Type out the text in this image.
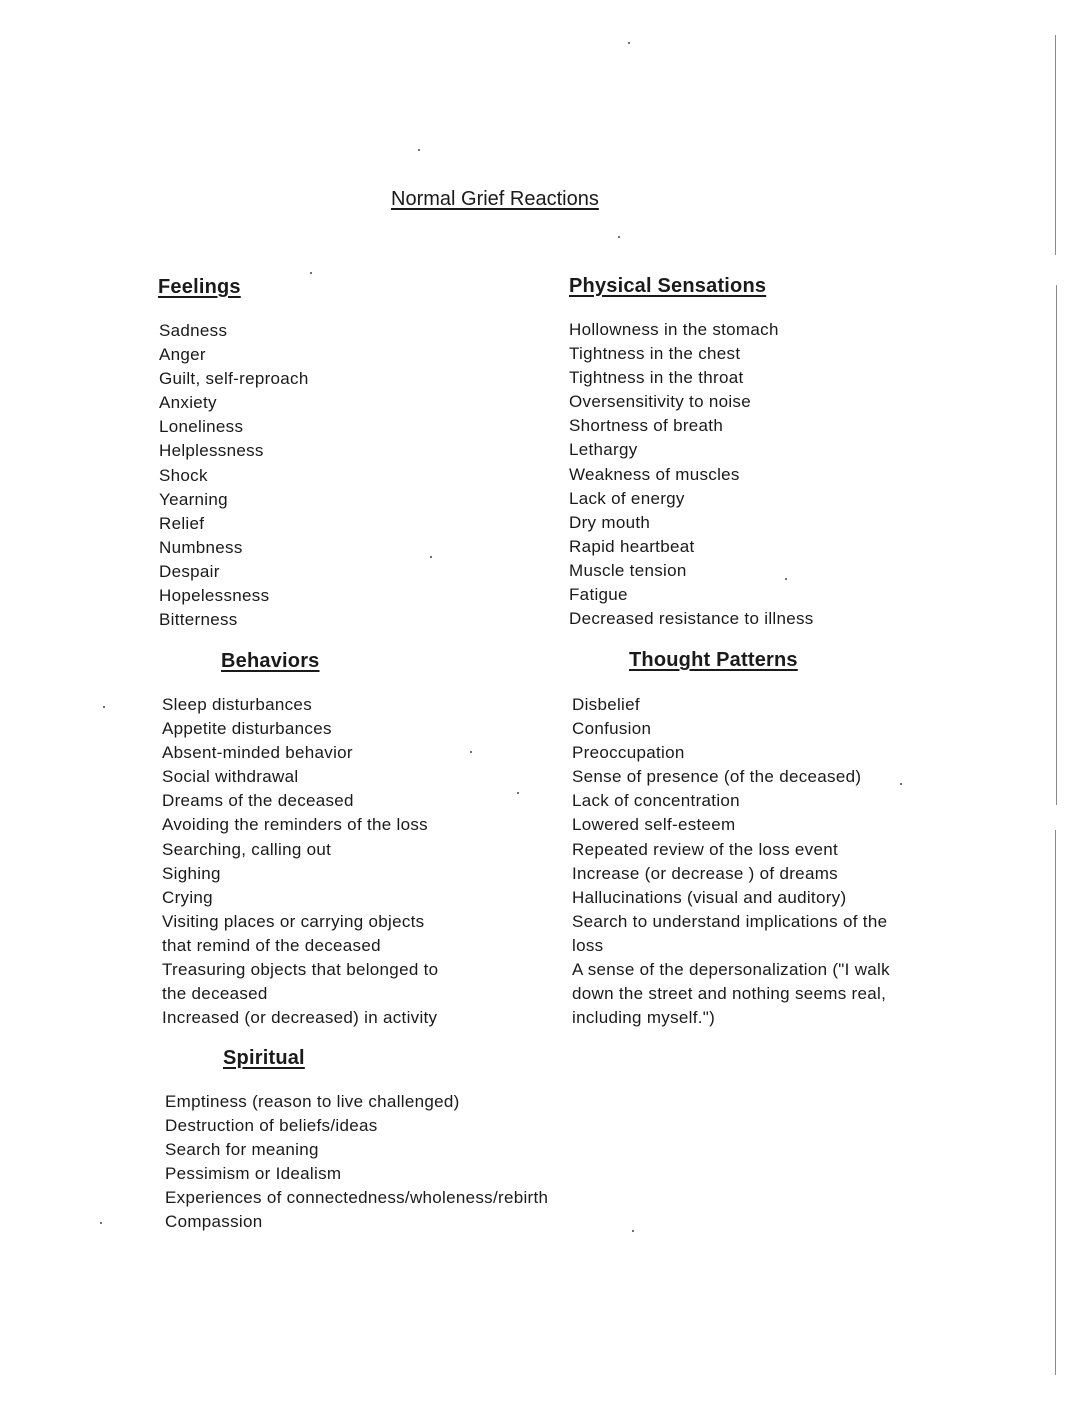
Normal Grief Reactions
Feelings
Sadness
Anger
Guilt, self-reproach
Anxiety
Loneliness
Helplessness
Shock
Yearning
Relief
Numbness
Despair
Hopelessness
Bitterness
Physical Sensations
Hollowness in the stomach
Tightness in the chest
Tightness in the throat
Oversensitivity to noise
Shortness of breath
Lethargy
Weakness of muscles
Lack of energy
Dry mouth
Rapid heartbeat
Muscle tension
Fatigue
Decreased resistance to illness
Behaviors
Sleep disturbances
Appetite disturbances
Absent-minded behavior
Social withdrawal
Dreams of the deceased
Avoiding the reminders of the loss
Searching, calling out
Sighing
Crying
Visiting places or carrying objects
that remind of the deceased
Treasuring objects that belonged to
the deceased
Increased (or decreased) in activity
Thought Patterns
Disbelief
Confusion
Preoccupation
Sense of presence (of the deceased)
Lack of concentration
Lowered self-esteem
Repeated review of the loss event
Increase (or decrease ) of dreams
Hallucinations (visual and auditory)
Search to understand implications of the
loss
A sense of the depersonalization ("I walk
down the street and nothing seems real,
including myself.")
Spiritual
Emptiness (reason to live challenged)
Destruction of beliefs/ideas
Search for meaning
Pessimism or Idealism
Experiences of connectedness/wholeness/rebirth
Compassion
